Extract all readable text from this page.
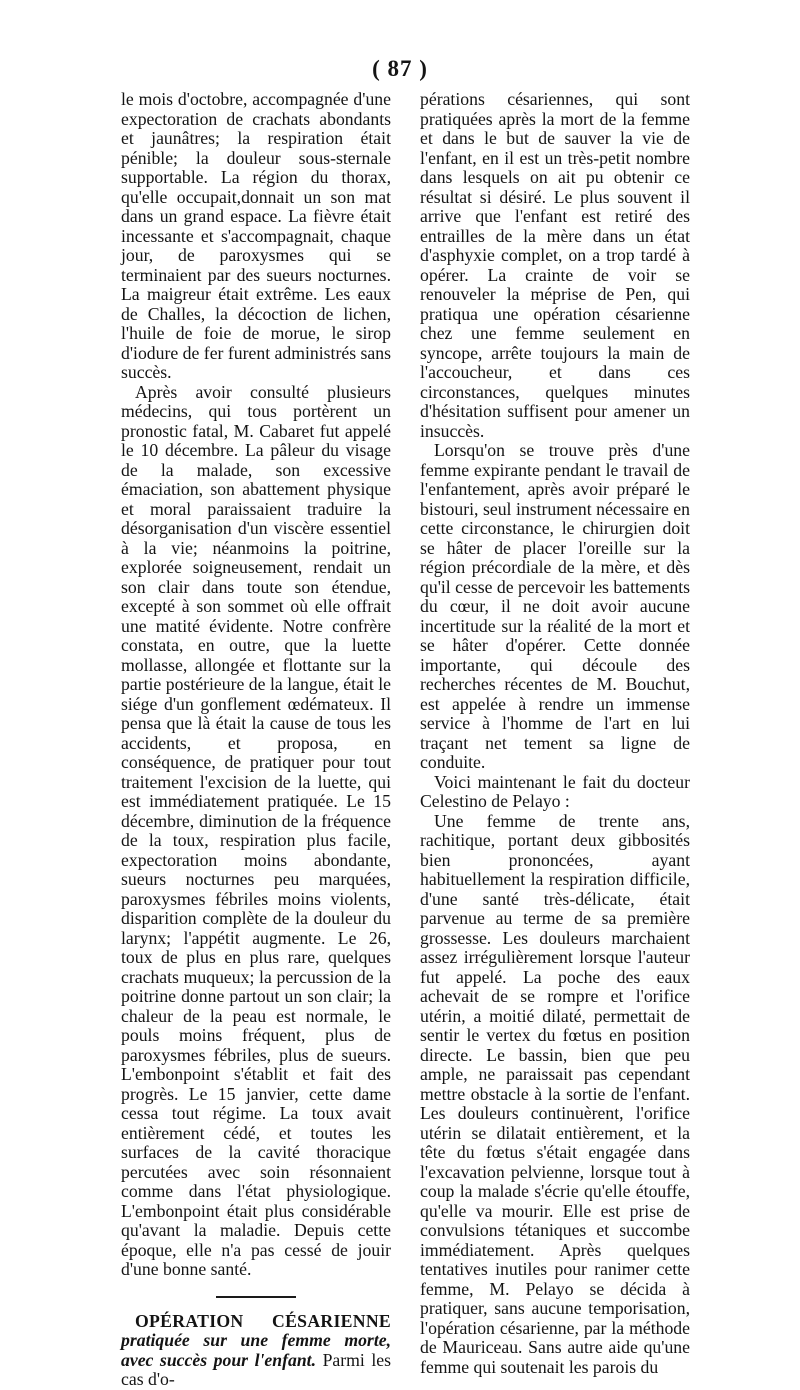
( 87 )

le mois d'octobre, accompagnée d'une expectoration de crachats abondants et jaunâtres; la respiration était pénible; la douleur sous-sternale supportable. La région du thorax, qu'elle occupait,donnait un son mat dans un grand espace. La fièvre était incessante et s'accompagnait, chaque jour, de paroxysmes qui se terminaient par des sueurs nocturnes. La maigreur était extrême. Les eaux de Challes, la décoction de lichen, l'huile de foie de morue, le sirop d'iodure de fer furent administrés sans succès.

Après avoir consulté plusieurs médecins, qui tous portèrent un pronostic fatal, M. Cabaret fut appelé le 10 décembre. La pâleur du visage de la malade, son excessive émaciation, son abattement physique et moral paraissaient traduire la désorganisation d'un viscère essentiel à la vie; néanmoins la poitrine, explorée soigneusement, rendait un son clair dans toute son étendue, excepté à son sommet où elle offrait une matité évidente. Notre confrère constata, en outre, que la luette mollasse, allongée et flottante sur la partie postérieure de la langue, était le siége d'un gonflement œdémateux. Il pensa que là était la cause de tous les accidents, et proposa, en conséquence, de pratiquer pour tout traitement l'excision de la luette, qui est immédiatement pratiquée. Le 15 décembre, diminution de la fréquence de la toux, respiration plus facile, expectoration moins abondante, sueurs nocturnes peu marquées, paroxysmes fébriles moins violents, disparition complète de la douleur du larynx; l'appétit augmente. Le 26, toux de plus en plus rare, quelques crachats muqueux; la percussion de la poitrine donne partout un son clair; la chaleur de la peau est normale, le pouls moins fréquent, plus de paroxysmes fébriles, plus de sueurs. L'embonpoint s'établit et fait des progrès. Le 15 janvier, cette dame cessa tout régime. La toux avait entièrement cédé, et toutes les surfaces de la cavité thoracique percutées avec soin résonnaient comme dans l'état physiologique. L'embonpoint était plus considérable qu'avant la maladie. Depuis cette époque, elle n'a pas cessé de jouir d'une bonne santé.

OPÉRATION CÉSARIENNE pratiquée sur une femme morte, avec succès pour l'enfant. Parmi les cas d'o-

pérations césariennes, qui sont pratiquées après la mort de la femme et dans le but de sauver la vie de l'enfant, en il est un très-petit nombre dans lesquels on ait pu obtenir ce résultat si désiré. Le plus souvent il arrive que l'enfant est retiré des entrailles de la mère dans un état d'asphyxie complet, on a trop tardé à opérer. La crainte de voir se renouveler la méprise de Pen, qui pratiqua une opération césarienne chez une femme seulement en syncope, arrête toujours la main de l'accoucheur, et dans ces circonstances, quelques minutes d'hésitation suffisent pour amener un insuccès.

Lorsqu'on se trouve près d'une femme expirante pendant le travail de l'enfantement, après avoir préparé le bistouri, seul instrument nécessaire en cette circonstance, le chirurgien doit se hâter de placer l'oreille sur la région précordiale de la mère, et dès qu'il cesse de percevoir les battements du cœur, il ne doit avoir aucune incertitude sur la réalité de la mort et se hâter d'opérer. Cette donnée importante, qui découle des recherches récentes de M. Bouchut, est appelée à rendre un immense service à l'homme de l'art en lui traçant net tement sa ligne de conduite.

Voici maintenant le fait du docteur Celestino de Pelayo :

Une femme de trente ans, rachitique, portant deux gibbosités bien prononcées, ayant habituellement la respiration difficile, d'une santé très-délicate, était parvenue au terme de sa première grossesse. Les douleurs marchaient assez irrégulièrement lorsque l'auteur fut appelé. La poche des eaux achevait de se rompre et l'orifice utérin, a moitié dilaté, permettait de sentir le vertex du fœtus en position directe. Le bassin, bien que peu ample, ne paraissait pas cependant mettre obstacle à la sortie de l'enfant. Les douleurs continuèrent, l'orifice utérin se dilatait entièrement, et la tête du fœtus s'était engagée dans l'excavation pelvienne, lorsque tout à coup la malade s'écrie qu'elle étouffe, qu'elle va mourir. Elle est prise de convulsions tétaniques et succombe immédiatement. Après quelques tentatives inutiles pour ranimer cette femme, M. Pelayo se décida à pratiquer, sans aucune temporisation, l'opération césarienne, par la méthode de Mauriceau. Sans autre aide qu'une femme qui soutenait les parois du
